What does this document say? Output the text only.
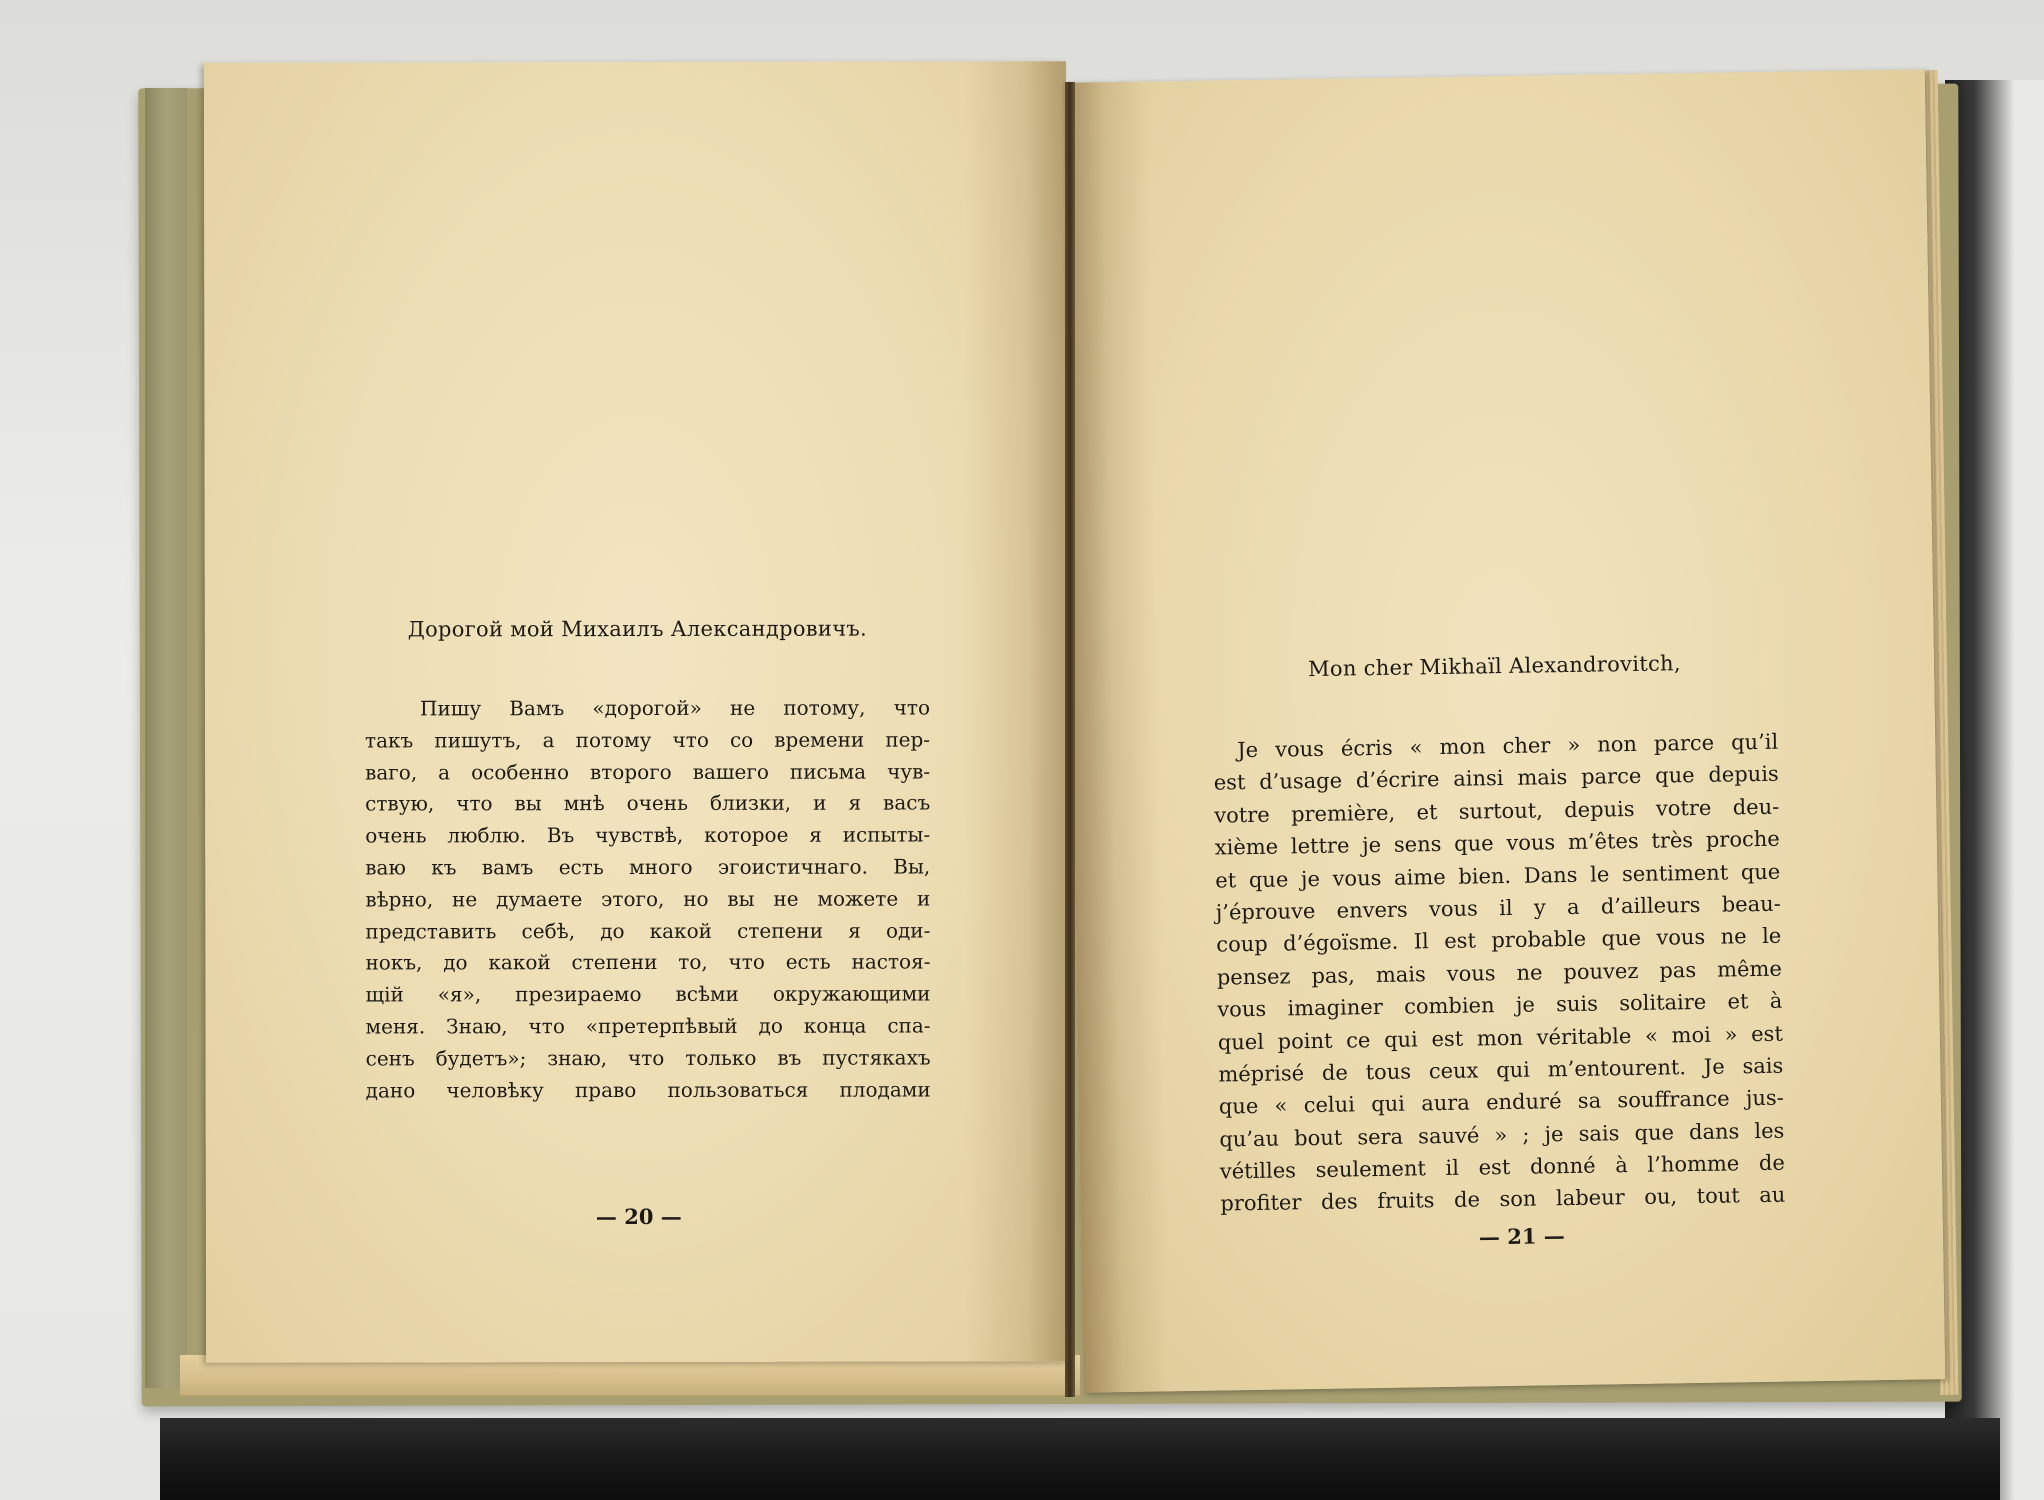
Дорогой мой Михаилъ Александровичъ.

Пишу Вамъ «дорогой» не потому, что
такъ пишутъ, а потому что со времени пер-
ваго, а особенно второго вашего письма чув-
ствую, что вы мнѣ очень близки, и я васъ
очень люблю. Въ чувствѣ, которое я испыты-
ваю къ вамъ есть много эгоистичнаго. Вы,
вѣрно, не думаете этого, но вы не можете и
представить себѣ, до какой степени я оди-
нокъ, до какой степени то, что есть настоя-
щій «я», презираемо всѣми окружающими
меня. Знаю, что «претерпѣвый до конца спа-
сенъ будетъ»; знаю, что только въ пустякахъ
дано человѣку право пользоваться плодами
— 20 —

Mon cher Mikhaïl Alexandrovitch,

Je vous écris « mon cher » non parce qu’il
est d’usage d’écrire ainsi mais parce que depuis
votre première, et surtout, depuis votre deu-
xième lettre je sens que vous m’êtes très proche
et que je vous aime bien. Dans le sentiment que
j’éprouve envers vous il y a d’ailleurs beau-
coup d’égoïsme. Il est probable que vous ne le
pensez pas, mais vous ne pouvez pas même
vous imaginer combien je suis solitaire et à
quel point ce qui est mon véritable « moi » est
méprisé de tous ceux qui m’entourent. Je sais
que « celui qui aura enduré sa souffrance jus-
qu’au bout sera sauvé » ; je sais que dans les
vétilles seulement il est donné à l’homme de
profiter des fruits de son labeur ou, tout au
— 21 —
